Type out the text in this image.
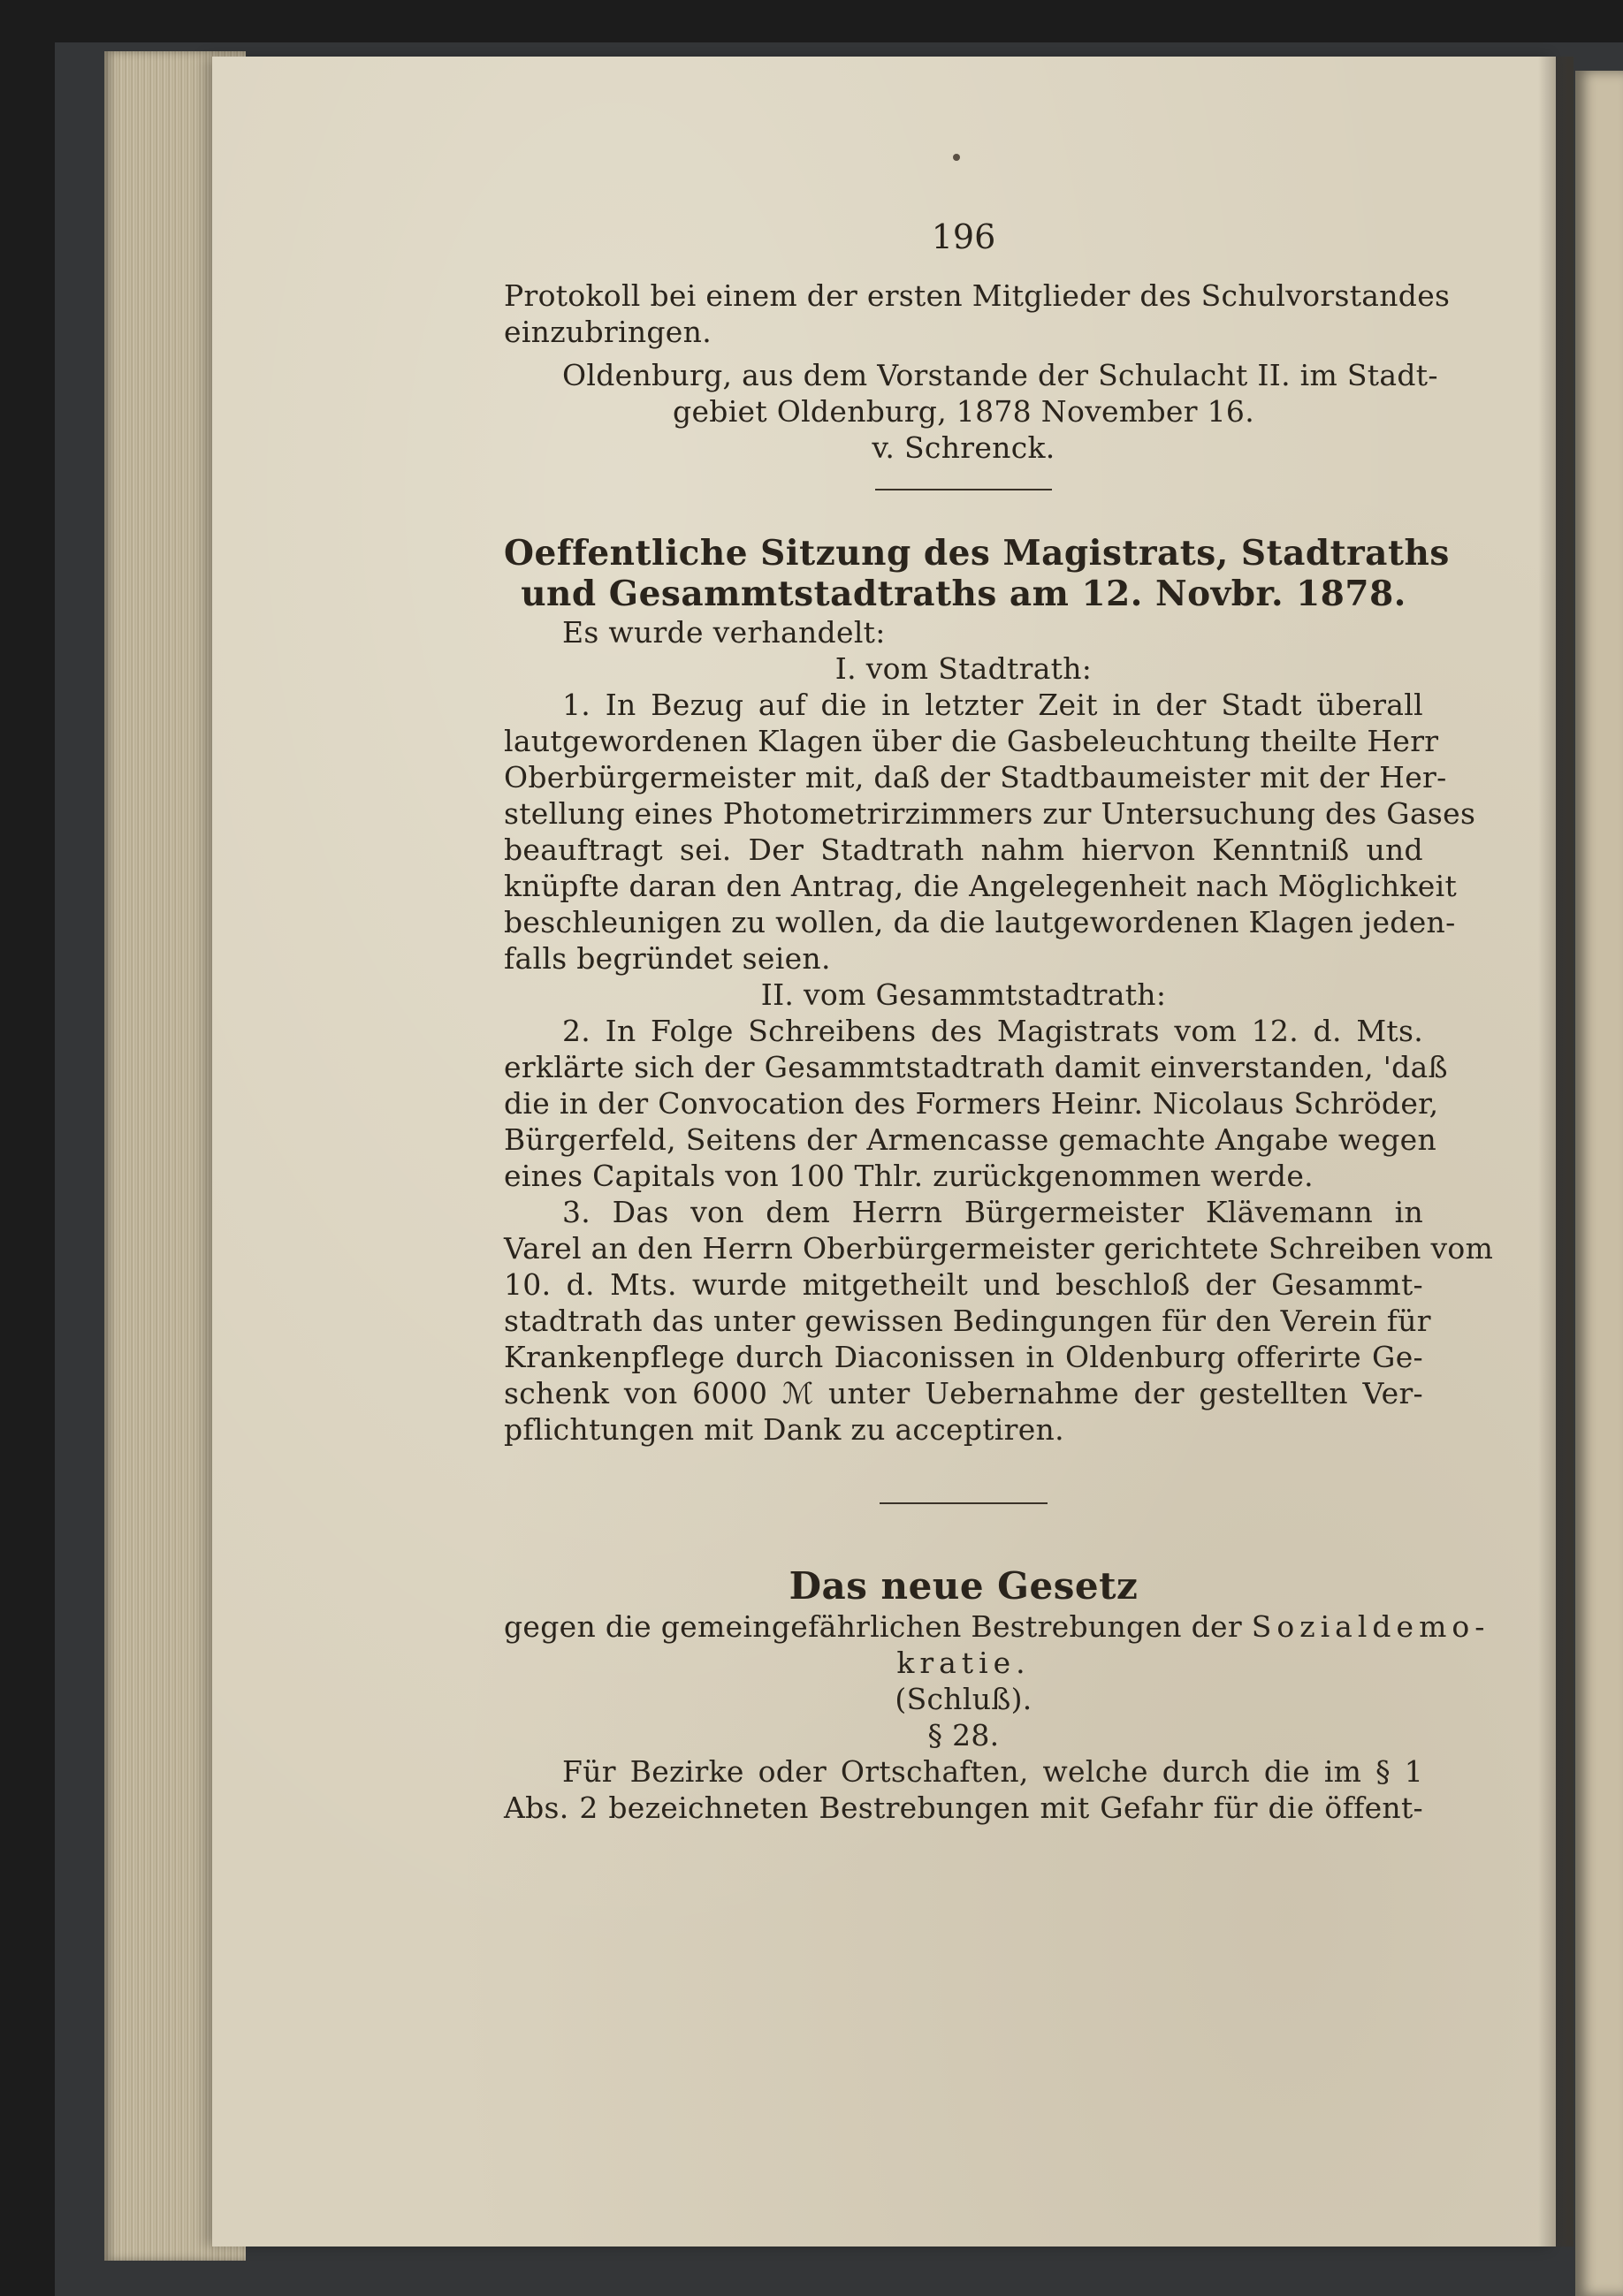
196
Protokoll bei einem der ersten Mitglieder des Schulvorstandes
einzubringen.
Oldenburg, aus dem Vorstande der Schulacht II. im Stadt-
gebiet Oldenburg, 1878 November 16.
v. Schrenck.
Oeffentliche Sitzung des Magistrats, Stadtraths
und Gesammtstadtraths am 12. Novbr. 1878.
Es wurde verhandelt:
I. vom Stadtrath:
1. In Bezug auf die in letzter Zeit in der Stadt überall
lautgewordenen Klagen über die Gasbeleuchtung theilte Herr
Oberbürgermeister mit, daß der Stadtbaumeister mit der Her-
stellung eines Photometrirzimmers zur Untersuchung des Gases
beauftragt sei. Der Stadtrath nahm hiervon Kenntniß und
knüpfte daran den Antrag, die Angelegenheit nach Möglichkeit
beschleunigen zu wollen, da die lautgewordenen Klagen jeden-
falls begründet seien.
II. vom Gesammtstadtrath:
2. In Folge Schreibens des Magistrats vom 12. d. Mts.
erklärte sich der Gesammtstadtrath damit einverstanden, 'daß
die in der Convocation des Formers Heinr. Nicolaus Schröder,
Bürgerfeld, Seitens der Armencasse gemachte Angabe wegen
eines Capitals von 100 Thlr. zurückgenommen werde.
3. Das von dem Herrn Bürgermeister Klävemann in
Varel an den Herrn Oberbürgermeister gerichtete Schreiben vom
10. d. Mts. wurde mitgetheilt und beschloß der Gesammt-
stadtrath das unter gewissen Bedingungen für den Verein für
Krankenpflege durch Diaconissen in Oldenburg offerirte Ge-
schenk von 6000 ℳ unter Uebernahme der gestellten Ver-
pflichtungen mit Dank zu acceptiren.
Das neue Gesetz
gegen die gemeingefährlichen Bestrebungen der Sozialdemo-
kratie.
(Schluß).
§ 28.
Für Bezirke oder Ortschaften, welche durch die im § 1
Abs. 2 bezeichneten Bestrebungen mit Gefahr für die öffent-
